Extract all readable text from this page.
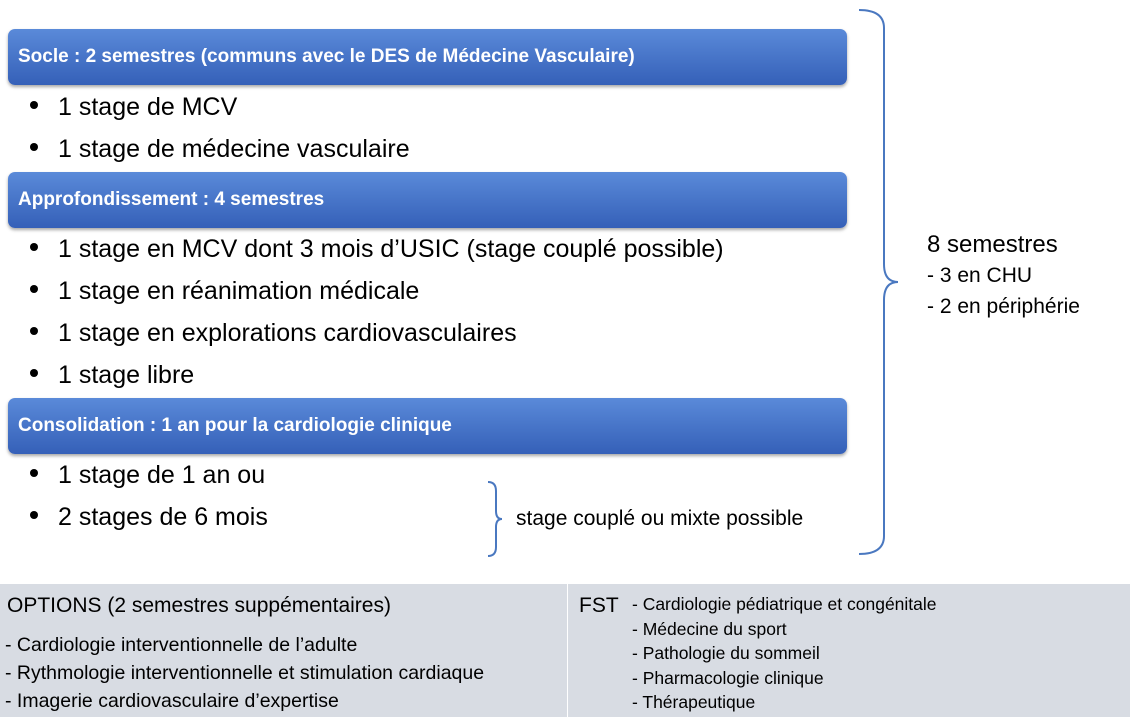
Socle : 2 semestres (communs avec le DES de Médecine Vasculaire)
1 stage de MCV
1 stage de médecine vasculaire
Approfondissement : 4 semestres
1 stage en MCV dont 3 mois d’USIC (stage couplé possible)
1 stage en réanimation médicale
1 stage en explorations cardiovasculaires
1 stage libre
Consolidation : 1 an pour la cardiologie clinique
1 stage de 1 an ou
2 stages de 6 mois	stage couplé ou mixte possible
8 semestres
- 3 en CHU
- 2 en périphérie
OPTIONS (2 semestres suppémentaires)
- Cardiologie interventionnelle de l’adulte
- Rythmologie interventionnelle et stimulation cardiaque
- Imagerie cardiovasculaire d’expertise
FST - Cardiologie pédiatrique et congénitale
- Médecine du sport
- Pathologie du sommeil
- Pharmacologie clinique
- Thérapeutique
